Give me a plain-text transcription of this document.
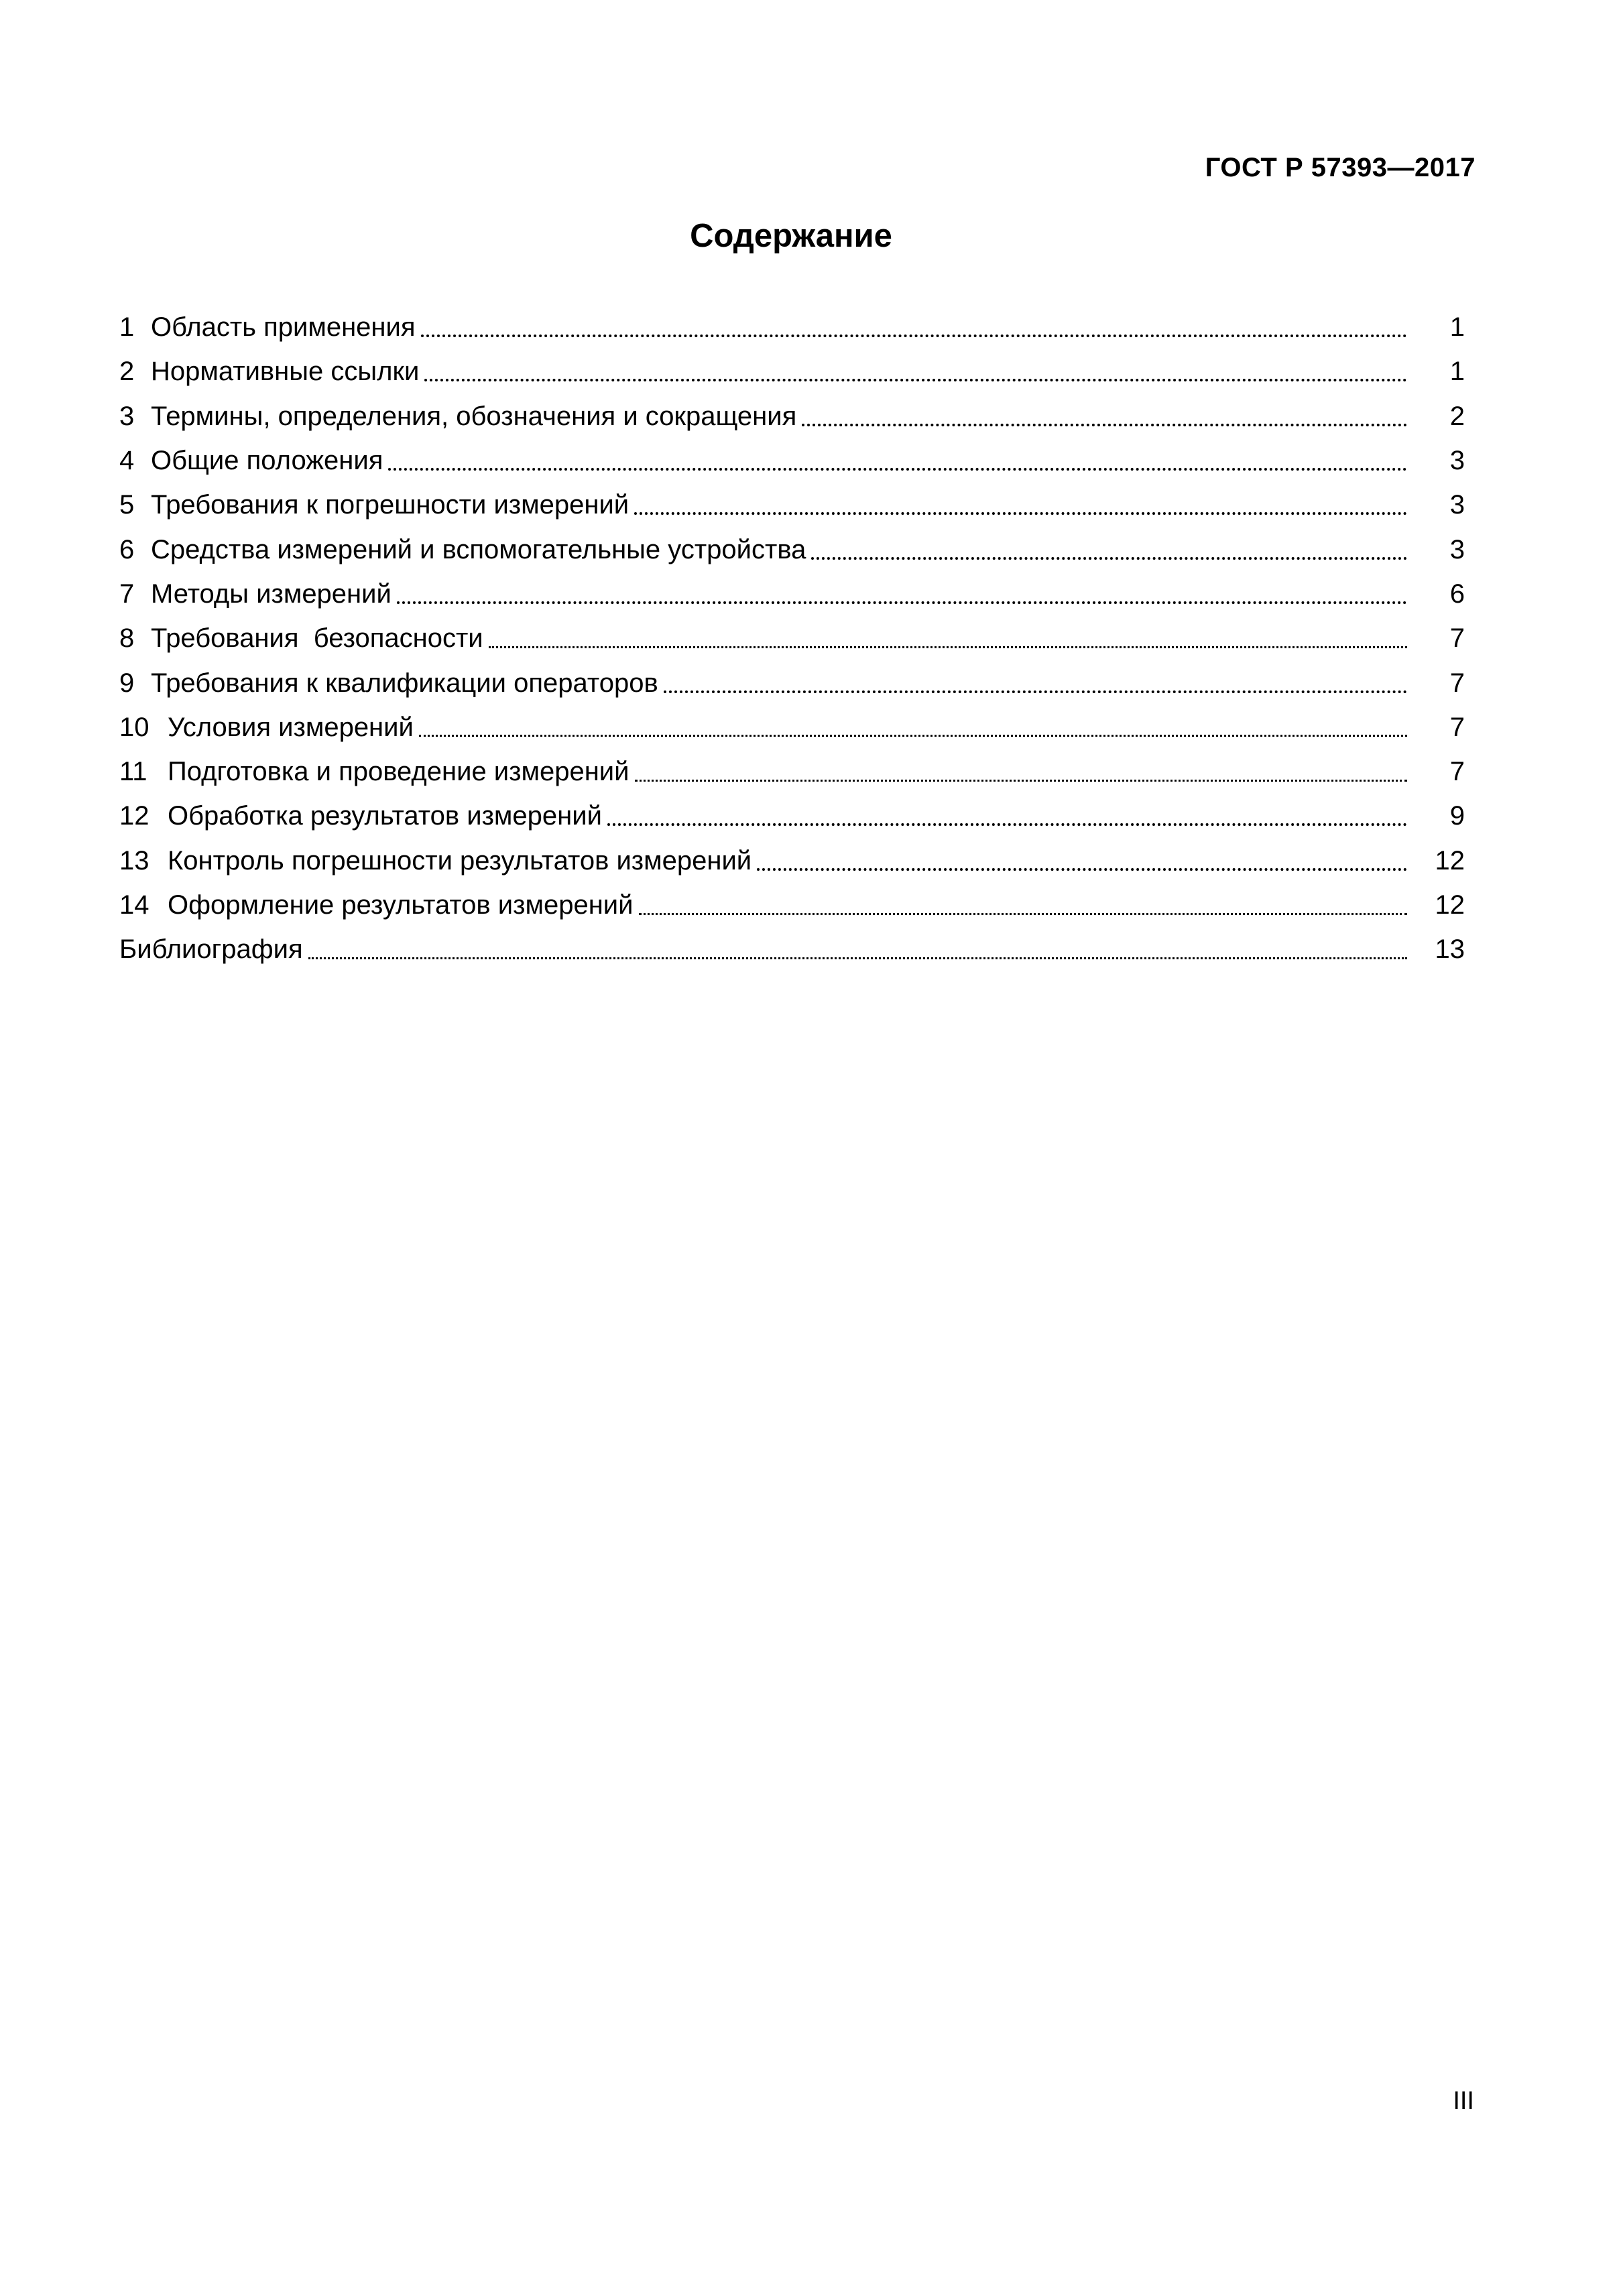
ГОСТ Р 57393—2017
Содержание
1 Область применения	1
2 Нормативные ссылки	1
3 Термины, определения, обозначения и сокращения	2
4 Общие положения	3
5 Требования к погрешности измерений	3
6 Средства измерений и вспомогательные устройства	3
7 Методы измерений	6
8 Требования  безопасности	7
9 Требования к квалификации операторов	7
10 Условия измерений	7
11 Подготовка и проведение измерений	7
12 Обработка результатов измерений	9
13 Контроль погрешности результатов измерений	12
14 Оформление результатов измерений	12
Библиография	13
III
